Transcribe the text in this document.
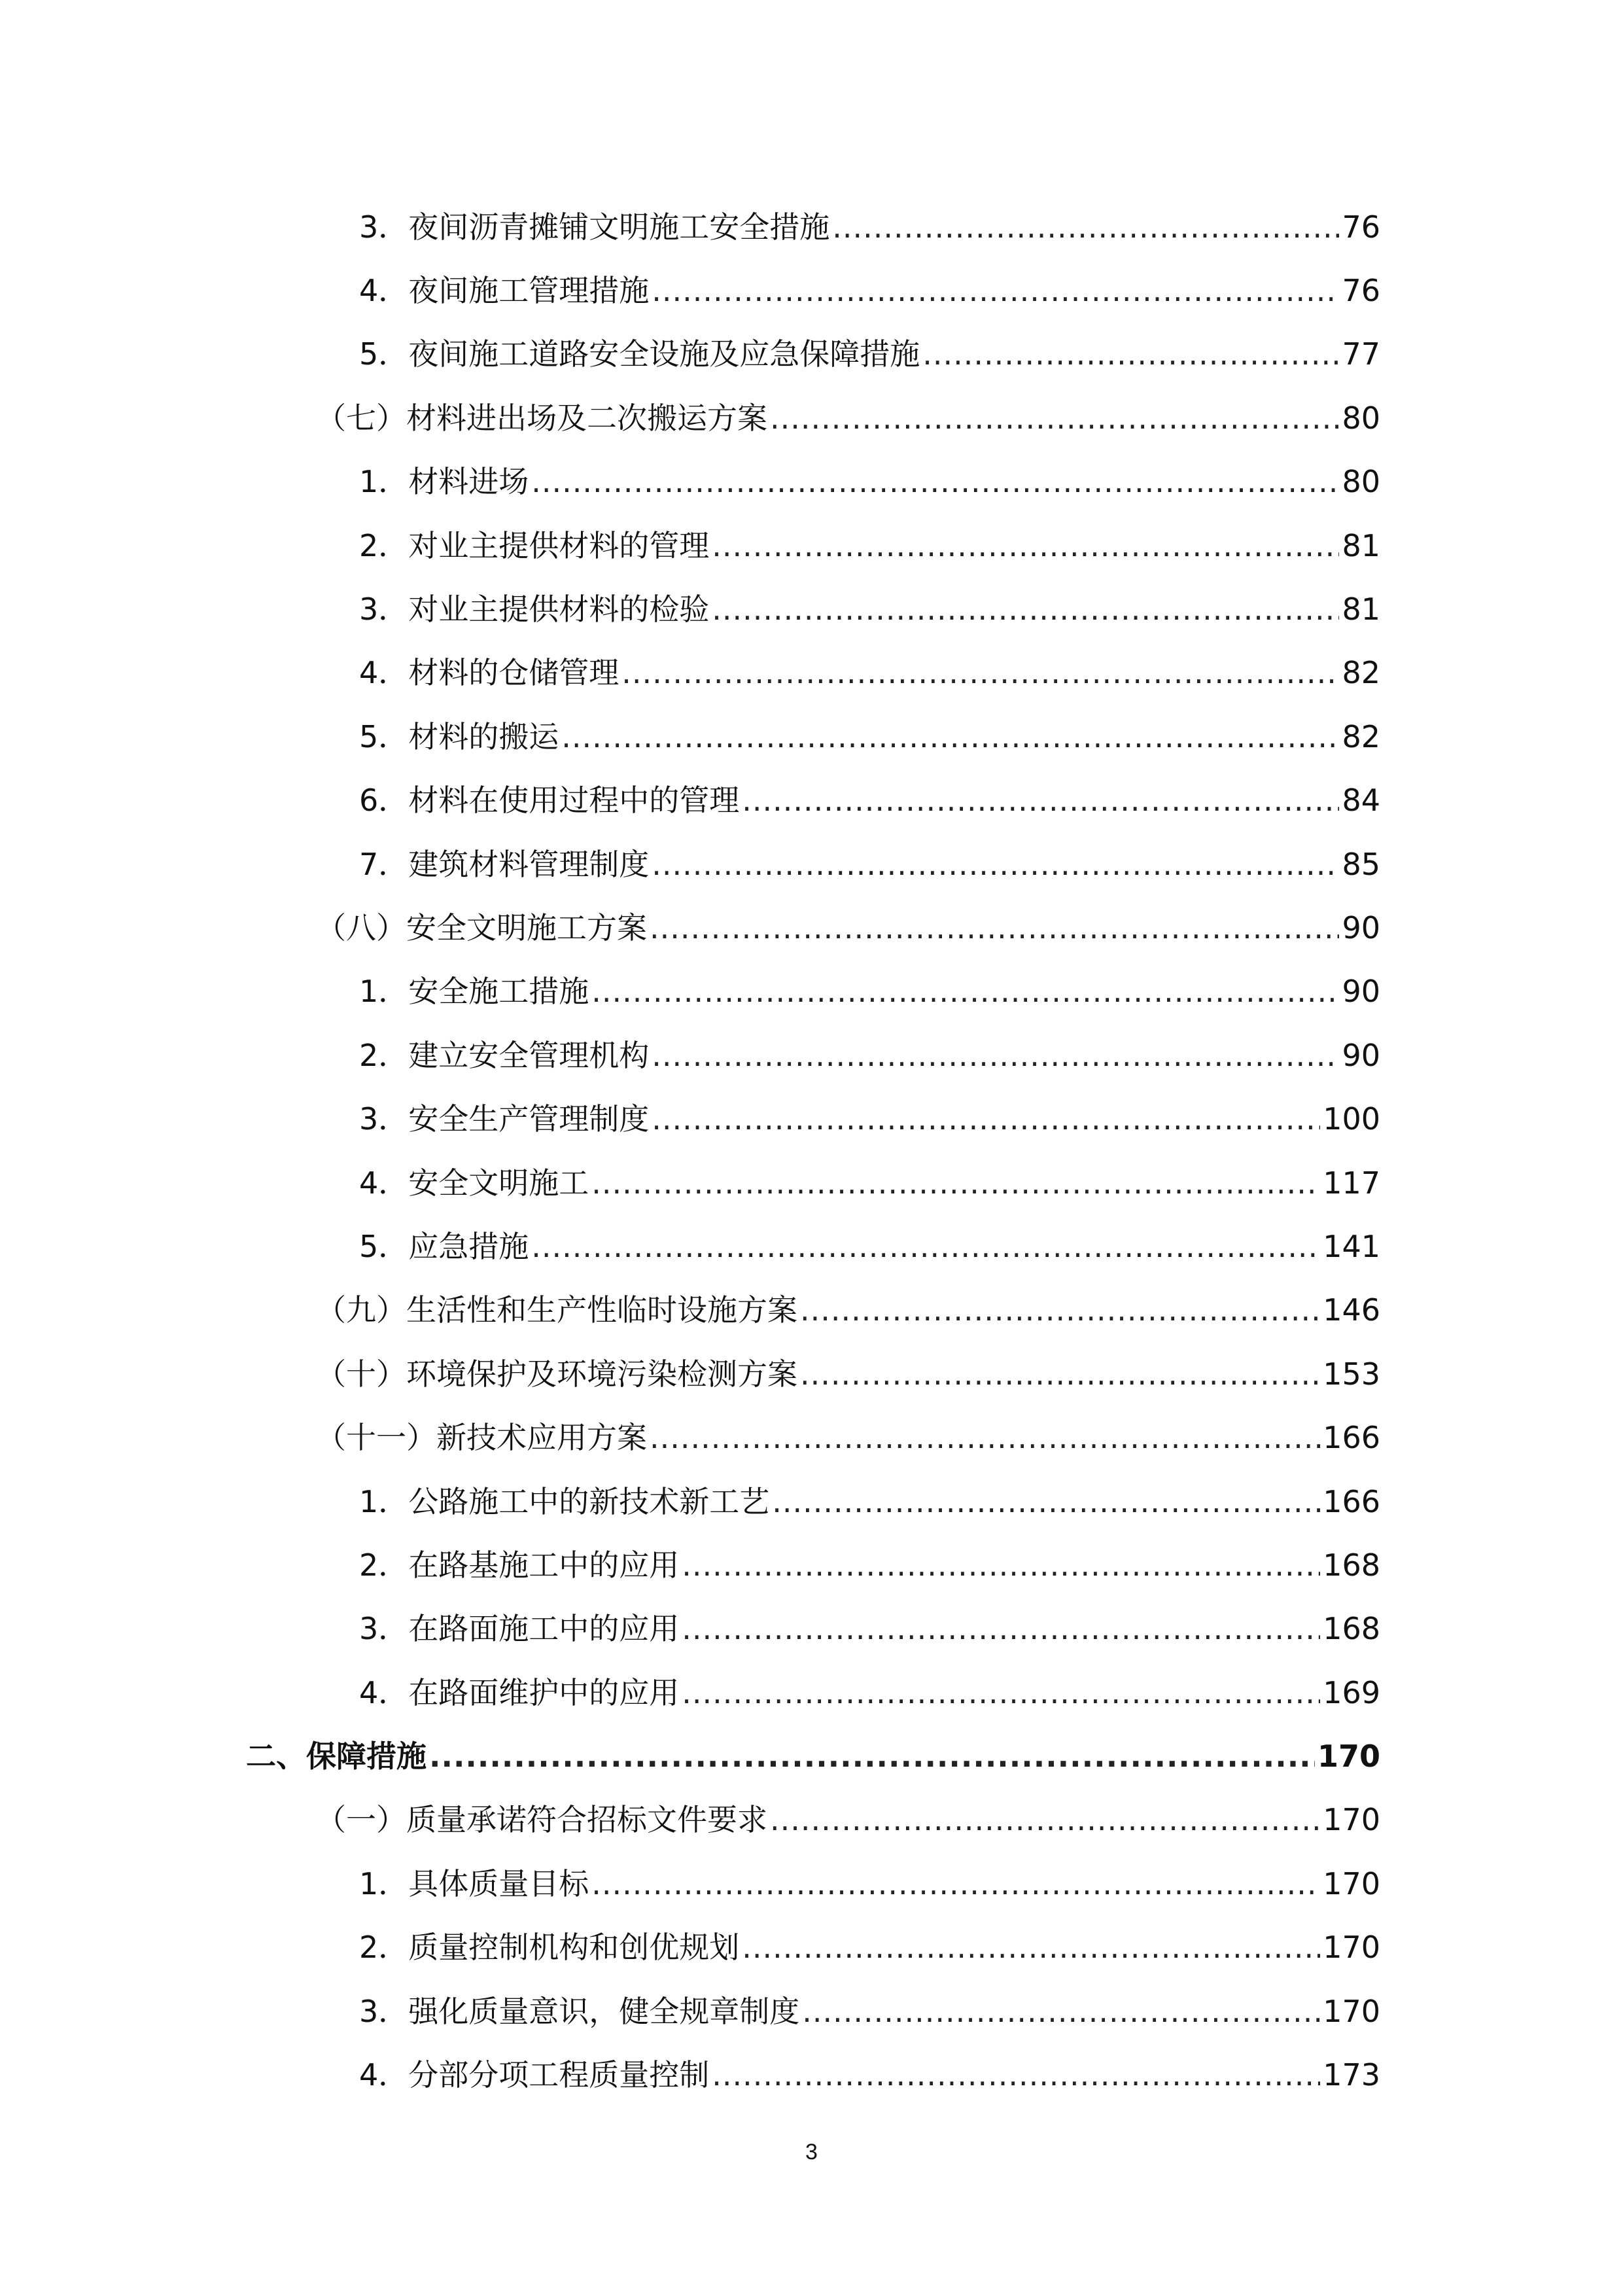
3．夜间沥青摊铺文明施工安全措施 .....	76
4．夜间施工管理措施 .....	76
5．夜间施工道路安全设施及应急保障措施 .....	77
（七）材料进出场及二次搬运方案 .....	80
1．材料进场 .....	80
2．对业主提供材料的管理 .....	81
3．对业主提供材料的检验 .....	81
4．材料的仓储管理 .....	82
5．材料的搬运 .....	82
6．材料在使用过程中的管理 .....	84
7．建筑材料管理制度 .....	85
（八）安全文明施工方案 .....	90
1．安全施工措施 .....	90
2．建立安全管理机构 .....	90
3．安全生产管理制度 .....	100
4．安全文明施工 .....	117
5．应急措施 .....	141
（九）生活性和生产性临时设施方案 .....	146
（十）环境保护及环境污染检测方案 .....	153
（十一）新技术应用方案 .....	166
1．公路施工中的新技术新工艺 .....	166
2．在路基施工中的应用 .....	168
3．在路面施工中的应用 .....	168
4．在路面维护中的应用 .....	169
二、保障措施 .....	170
（一）质量承诺符合招标文件要求 .....	170
1．具体质量目标 .....	170
2．质量控制机构和创优规划 .....	170
3．强化质量意识，健全规章制度 .....	170
4．分部分项工程质量控制 .....	173
3
